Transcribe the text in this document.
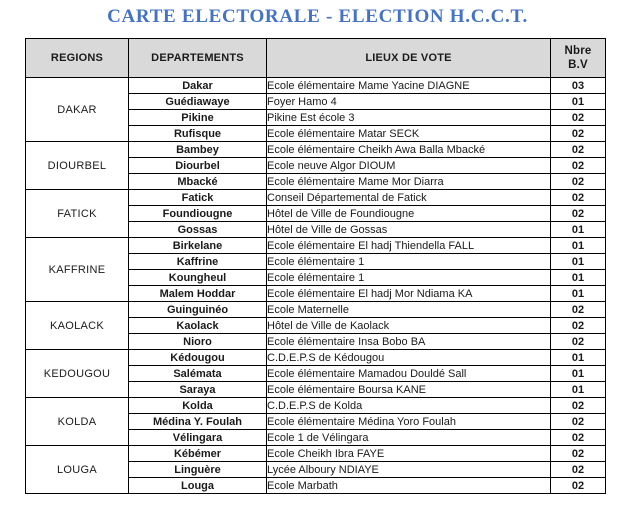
CARTE ELECTORALE - ELECTION H.C.C.T.
REGIONS	DEPARTEMENTS	LIEUX DE VOTE	Nbre
B.V

DAKAR	Dakar	Ecole élémentaire Mame Yacine DIAGNE	03
	Guédiawaye	Foyer Hamo 4	01
	Pikine	Pikine Est école 3	02
	Rufisque	Ecole élémentaire Matar SECK	02
DIOURBEL	Bambey	Ecole élémentaire Cheikh Awa Balla Mbacké	02
	Diourbel	Ecole neuve Algor DIOUM	02
	Mbacké	Ecole élémentaire Mame Mor Diarra	02
FATICK	Fatick	Conseil Départemental de Fatick	02
	Foundiougne	Hôtel de Ville de Foundiougne	02
	Gossas	Hôtel de Ville de Gossas	01
KAFFRINE	Birkelane	Ecole élémentaire El hadj Thiendella FALL	01
	Kaffrine	Ecole élémentaire 1	01
	Koungheul	Ecole élémentaire 1	01
	Malem Hoddar	Ecole élémentaire El hadj Mor Ndiama KA	01
KAOLACK	Guinguinéo	Ecole Maternelle	02
	Kaolack	Hôtel de Ville de Kaolack	02
	Nioro	Ecole élémentaire Insa Bobo BA	02
KEDOUGOU	Kédougou	C.D.E.P.S de Kédougou	01
	Salémata	Ecole élémentaire Mamadou Douldé Sall	01
	Saraya	Ecole élémentaire Boursa KANE	01
KOLDA	Kolda	C.D.E.P.S de Kolda	02
	Médina Y. Foulah	Ecole élémentaire Médina Yoro Foulah	02
	Vélingara	Ecole 1 de Vélingara	02
LOUGA	Kébémer	Ecole Cheikh Ibra FAYE	02
	Linguère	Lycée Alboury NDIAYE	02
	Louga	Ecole Marbath	02
